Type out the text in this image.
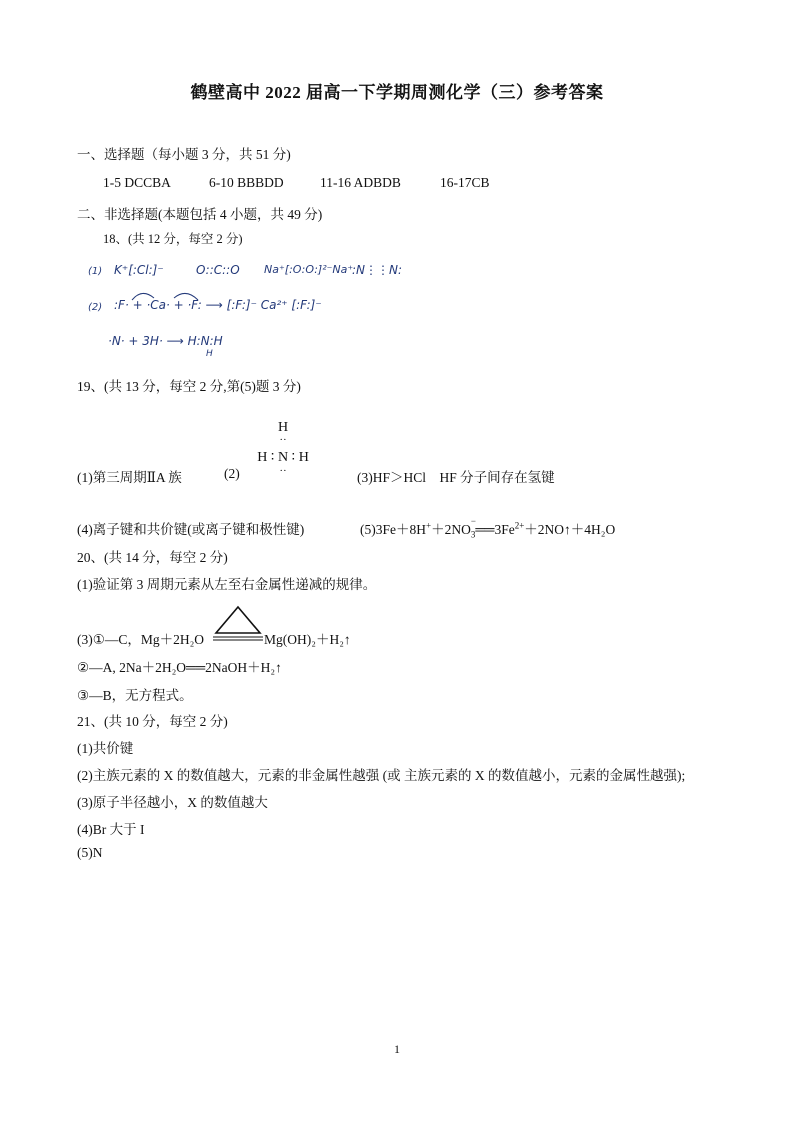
鹤壁高中 2022 届高一下学期周测化学（三）参考答案
一、选择题（每小题 3 分，共 51 分)
1-5 DCCBA	6-10 BBBDD	11-16 ADBDB	16-17CB
二、非选择题(本题包括 4 小题，共 49 分)
18、(共 12 分，每空 2 分)
(1) K⁺[:Cl:]⁻	O::C::O Na⁺[:O:O:]²⁻Na⁺
:N⋮⋮N:
(2) :F· + ·Ca· + ·F: ⟶ [:F:]⁻ Ca²⁺ [:F:]⁻
·N· + 3H· ⟶ H:N:H
H
19、(共 13 分，每空 2 分,第(5)题 3 分)
H
··
H ∶ N ∶ H
··
(1)第三周期ⅡA 族	(2)	(3)HF＞HCl　HF 分子间存在氢键
(4)离子键和共价键(或离子键和极性键)	(5)3Fe＋8H+＋2NO
−
$_3══3Fe^{2+}+2NO↑+4H_2O$
20、(共 14 分，每空 2 分)
(1)验证第 3 周期元素从左至右金属性递减的规律。
(3)①—C，Mg＋2H₂O	Mg(OH)₂＋H₂↑
②—A, 2Na＋2H₂O══2NaOH＋H₂↑
③—B，无方程式。
21、(共 10 分，每空 2 分)
(1)共价键
(2)主族元素的 X 的数值越大，元素的非金属性越强 (或 主族元素的 X 的数值越小，元素的金属性越强);
(3)原子半径越小，X 的数值越大
(4)Br 大于 I
(5)N
1
